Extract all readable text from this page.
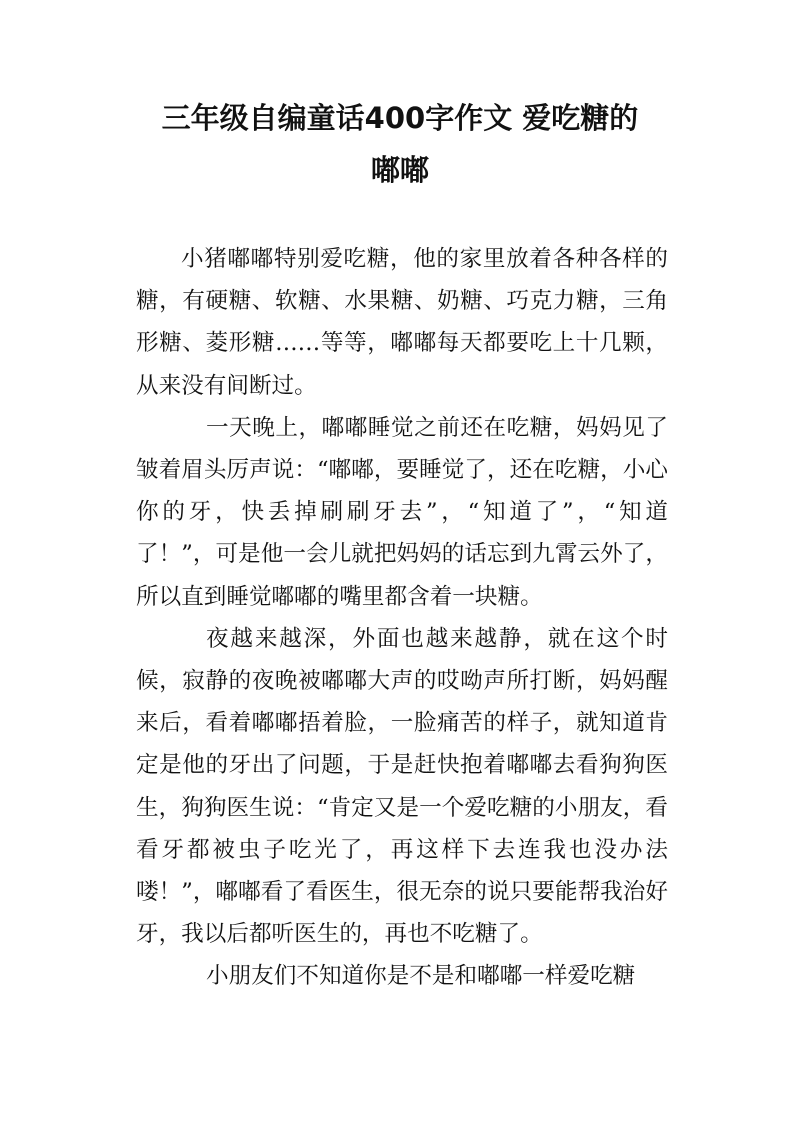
三年级自编童话400字作文 爱吃糖的
嘟嘟

小猪嘟嘟特别爱吃糖，他的家里放着各种各样的糖，有硬糖、软糖、水果糖、奶糖、巧克力糖，三角形糖、菱形糖……等等，嘟嘟每天都要吃上十几颗，从来没有间断过。

一天晚上，嘟嘟睡觉之前还在吃糖，妈妈见了皱着眉头厉声说：“嘟嘟，要睡觉了，还在吃糖，小心你的牙，快丢掉刷刷牙去”，“知道了”，“知道了！”，可是他一会儿就把妈妈的话忘到九霄云外了，所以直到睡觉嘟嘟的嘴里都含着一块糖。

夜越来越深，外面也越来越静，就在这个时候，寂静的夜晚被嘟嘟大声的哎呦声所打断，妈妈醒来后，看着嘟嘟捂着脸，一脸痛苦的样子，就知道肯定是他的牙出了问题，于是赶快抱着嘟嘟去看狗狗医生，狗狗医生说：“肯定又是一个爱吃糖的小朋友，看看牙都被虫子吃光了，再这样下去连我也没办法喽！”，嘟嘟看了看医生，很无奈的说只要能帮我治好牙，我以后都听医生的，再也不吃糖了。

小朋友们不知道你是不是和嘟嘟一样爱吃糖
